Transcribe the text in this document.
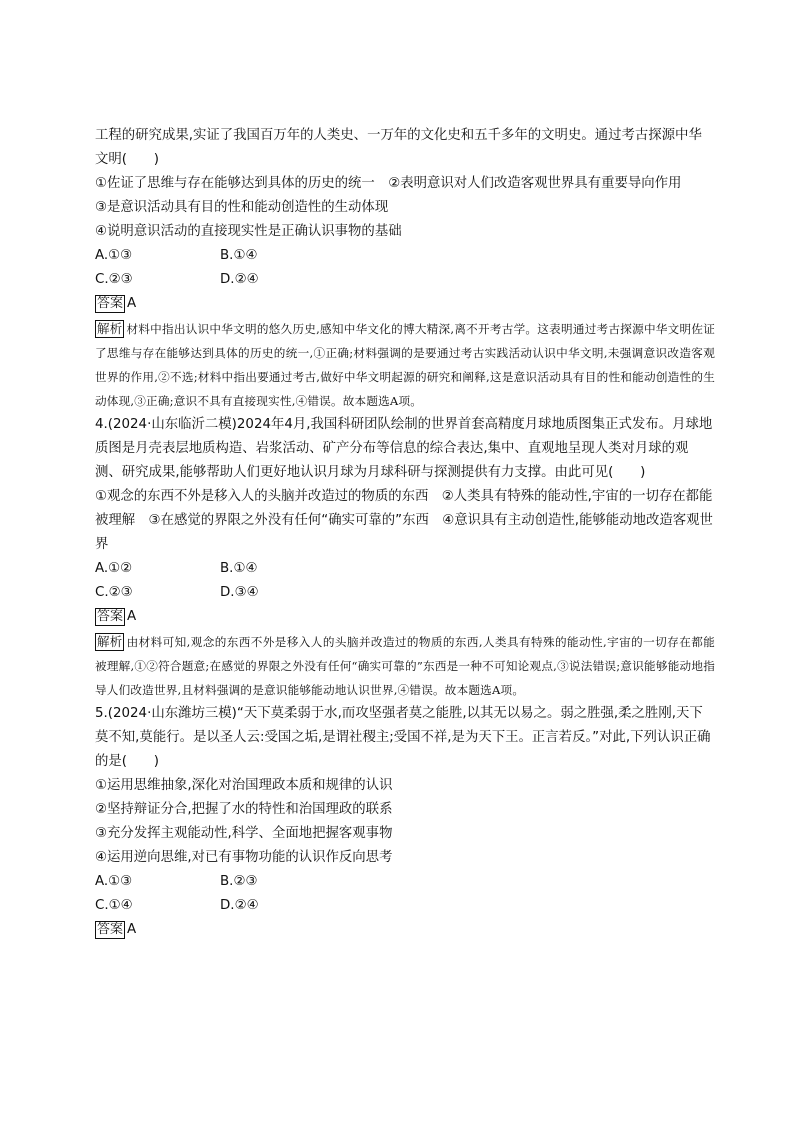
工程的研究成果,实证了我国百万年的人类史、一万年的文化史和五千多年的文明史。通过考古探源中华文明(　　)

①佐证了思维与存在能够达到具体的历史的统一　②表明意识对人们改造客观世界具有重要导向作用

③是意识活动具有目的性和能动创造性的生动体现

④说明意识活动的直接现实性是正确认识事物的基础

A.①③	B.①④
C.②③	D.②④
答案 A

解析 材料中指出认识中华文明的悠久历史,感知中华文化的博大精深,离不开考古学。这表明通过考古探源中华文明佐证了思维与存在能够达到具体的历史的统一,①正确;材料强调的是要通过考古实践活动认识中华文明,未强调意识改造客观世界的作用,②不选;材料中指出要通过考古,做好中华文明起源的研究和阐释,这是意识活动具有目的性和能动创造性的生动体现,③正确;意识不具有直接现实性,④错误。故本题选A项。

4.(2024·山东临沂二模)2024年4月,我国科研团队绘制的世界首套高精度月球地质图集正式发布。月球地质图是月壳表层地质构造、岩浆活动、矿产分布等信息的综合表达,集中、直观地呈现人类对月球的观测、研究成果,能够帮助人们更好地认识月球为月球科研与探测提供有力支撑。由此可见(　　)

①观念的东西不外是移入人的头脑并改造过的物质的东西　②人类具有特殊的能动性,宇宙的一切存在都能被理解　③在感觉的界限之外没有任何“确实可靠的”东西　④意识具有主动创造性,能够能动地改造客观世界

A.①②	B.①④
C.②③	D.③④
答案 A

解析 由材料可知,观念的东西不外是移入人的头脑并改造过的物质的东西,人类具有特殊的能动性,宇宙的一切存在都能被理解,①②符合题意;在感觉的界限之外没有任何“确实可靠的”东西是一种不可知论观点,③说法错误;意识能够能动地指导人们改造世界,且材料强调的是意识能够能动地认识世界,④错误。故本题选A项。

5.(2024·山东潍坊三模)“天下莫柔弱于水,而攻坚强者莫之能胜,以其无以易之。弱之胜强,柔之胜刚,天下莫不知,莫能行。是以圣人云:受国之垢,是谓社稷主;受国不祥,是为天下王。正言若反。”对此,下列认识正确的是(　　)

①运用思维抽象,深化对治国理政本质和规律的认识

②坚持辩证分合,把握了水的特性和治国理政的联系

③充分发挥主观能动性,科学、全面地把握客观事物

④运用逆向思维,对已有事物功能的认识作反向思考

A.①③	B.②③
C.①④	D.②④
答案 A
